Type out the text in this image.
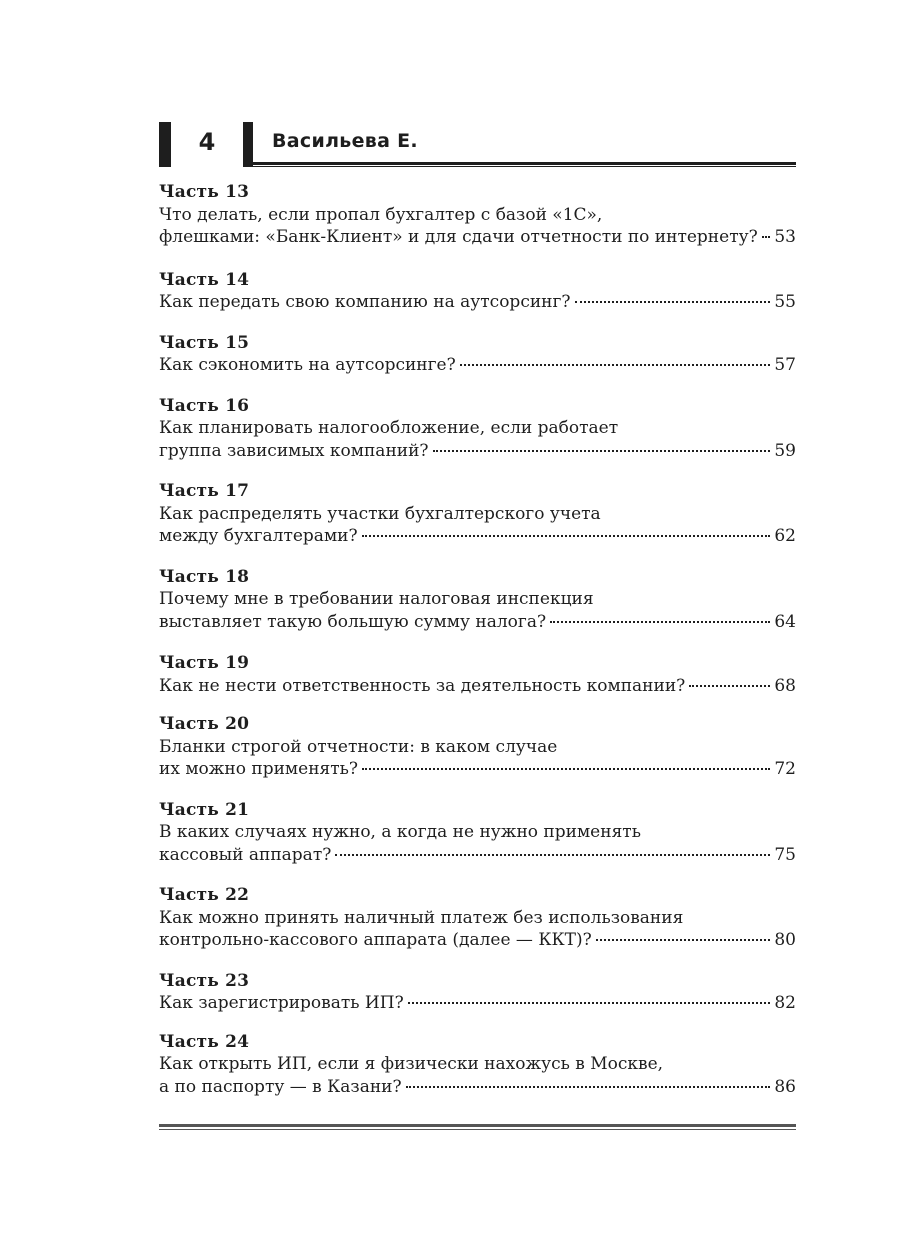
4	Васильева Е.
Часть 13
Что делать, если пропал бухгалтер с базой «1С»,
флешками: «Банк-Клиент» и для сдачи отчетности по интернету? 53
Часть 14
Как передать свою компанию на аутсорсинг?	55
Часть 15
Как сэкономить на аутсорсинге?	57
Часть 16
Как планировать налогообложение, если работает
группа зависимых компаний?	59
Часть 17
Как распределять участки бухгалтерского учета
между бухгалтерами?	62
Часть 18
Почему мне в требовании налоговая инспекция
выставляет такую большую сумму налога?	64
Часть 19
Как не нести ответственность за деятельность компании?	68
Часть 20
Бланки строгой отчетности: в каком случае
их можно применять?	72
Часть 21
В каких случаях нужно, а когда не нужно применять
кассовый аппарат?	75
Часть 22
Как можно принять наличный платеж без использования
контрольно-кассового аппарата (далее — ККТ)?	80
Часть 23
Как зарегистрировать ИП?	82
Часть 24
Как открыть ИП, если я физически нахожусь в Москве,
а по паспорту — в Казани?	86
